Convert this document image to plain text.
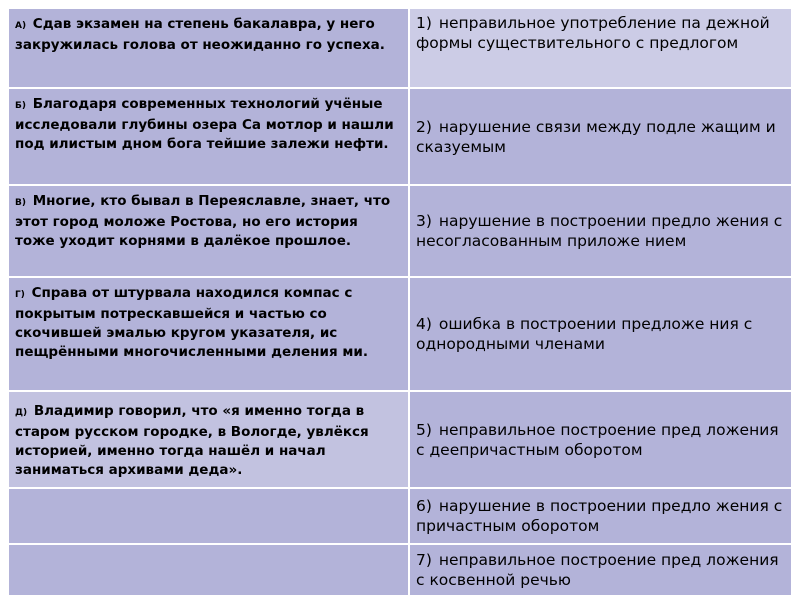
А) Сдав экзамен на степень бакалавра, у него закружилась голова от неожиданно го успеха.	1) неправильное употребление па дежной формы существительного с предлогом
Б) Благодаря современных технологий учёные исследовали глубины озера Са мотлор и нашли под илистым дном бога тейшие залежи нефти.	2) нарушение связи между подле жащим и сказуемым
В) Многие, кто бывал в Переяславле, знает, что этот город моложе Ростова, но его история тоже уходит корнями в далёкое прошлое.	3) нарушение в построении предло жения с несогласованным приложе нием
Г) Справа от штурвала находился компас с покрытым потрескавшейся и частью со скочившей эмалью кругом указателя, ис пещрёнными многочисленными деления ми.	4) ошибка в построении предложе ния с однородными членами
Д) Владимир говорил, что «я именно тогда в старом русском городке, в Вологде, увлёкся историей, именно тогда нашёл и начал заниматься архивами деда».	5) неправильное построение пред ложения с деепричастным оборотом
	6) нарушение в построении предло жения с причастным оборотом
	7) неправильное построение пред ложения с косвенной речью
